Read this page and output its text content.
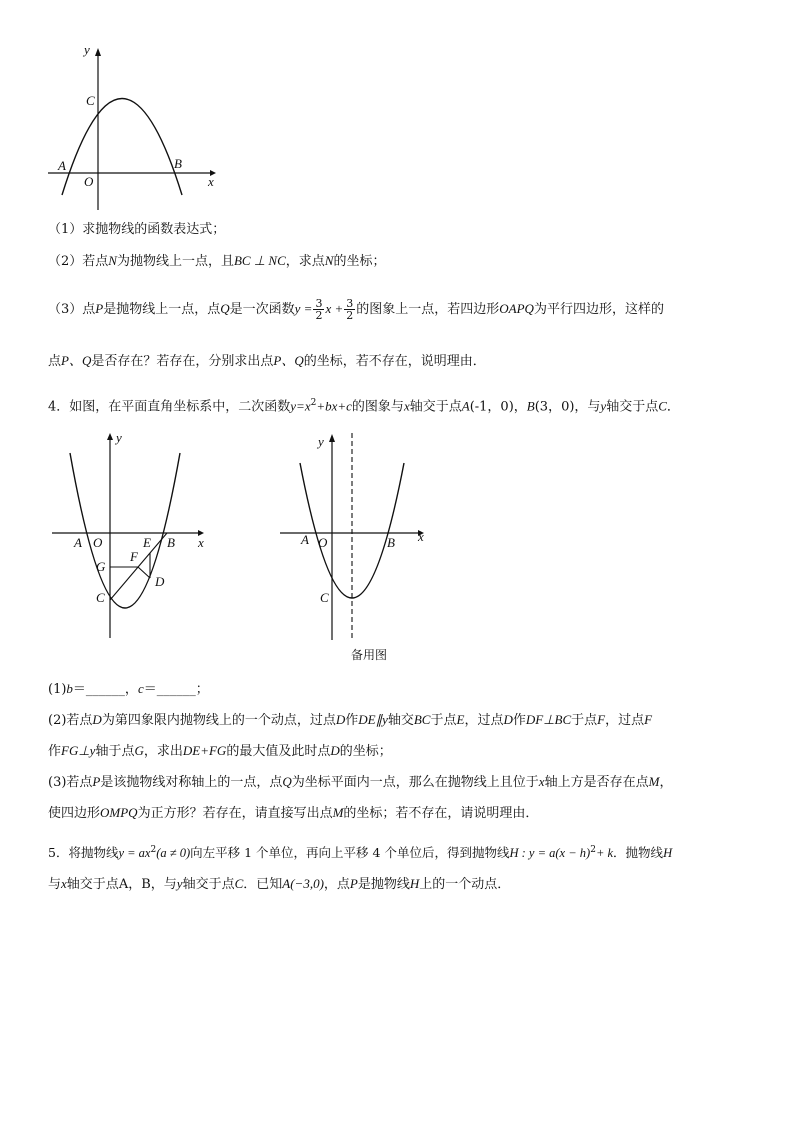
y
x
C
A
O
B
（1）求抛物线的函数表达式；
（2）若点N为抛物线上一点，且BC ⊥ NC，求点N的坐标；
（3）点P是抛物线上一点，点Q是一次函数$y = \frac{3}{2}$ $x + \frac{3}{2}$ 的图象上一点，若四边形OAPQ为平行四边形，这样的
点P、Q是否存在？若存在，分别求出点P、Q的坐标，若不存在，说明理由．
4．如图，在平面直角坐标系中，二次函数$y=x^2+bx+c$的图象与x轴交于点A(-1，0)，B(3，0)，与y轴交于点C．
y
x
A O	E B
F
G
D
C
y
x
A O	B
C
备用图
(1)b＝______，c＝______；
(2)若点D为第四象限内抛物线上的一个动点，过点D作DE∥y轴交BC于点E，过点D作DF⊥BC于点F，过点F
作FG⊥y轴于点G，求出DE+FG的最大值及此时点D的坐标；
(3)若点P是该抛物线对称轴上的一点，点Q为坐标平面内一点，那么在抛物线上且位于x轴上方是否存在点M，
使四边形OMPQ为正方形？若存在，请直接写出点M的坐标；若不存在，请说明理由．
5．将抛物线$y = ax^2(a \ne 0)$向左平移 1 个单位，再向上平移 4 个单位后，得到抛物线H : $y = a(x - h)^2+ k$．抛物线H
与x轴交于点A，B，与y轴交于点C．已知A(−3,0)，点P是抛物线H上的一个动点．
